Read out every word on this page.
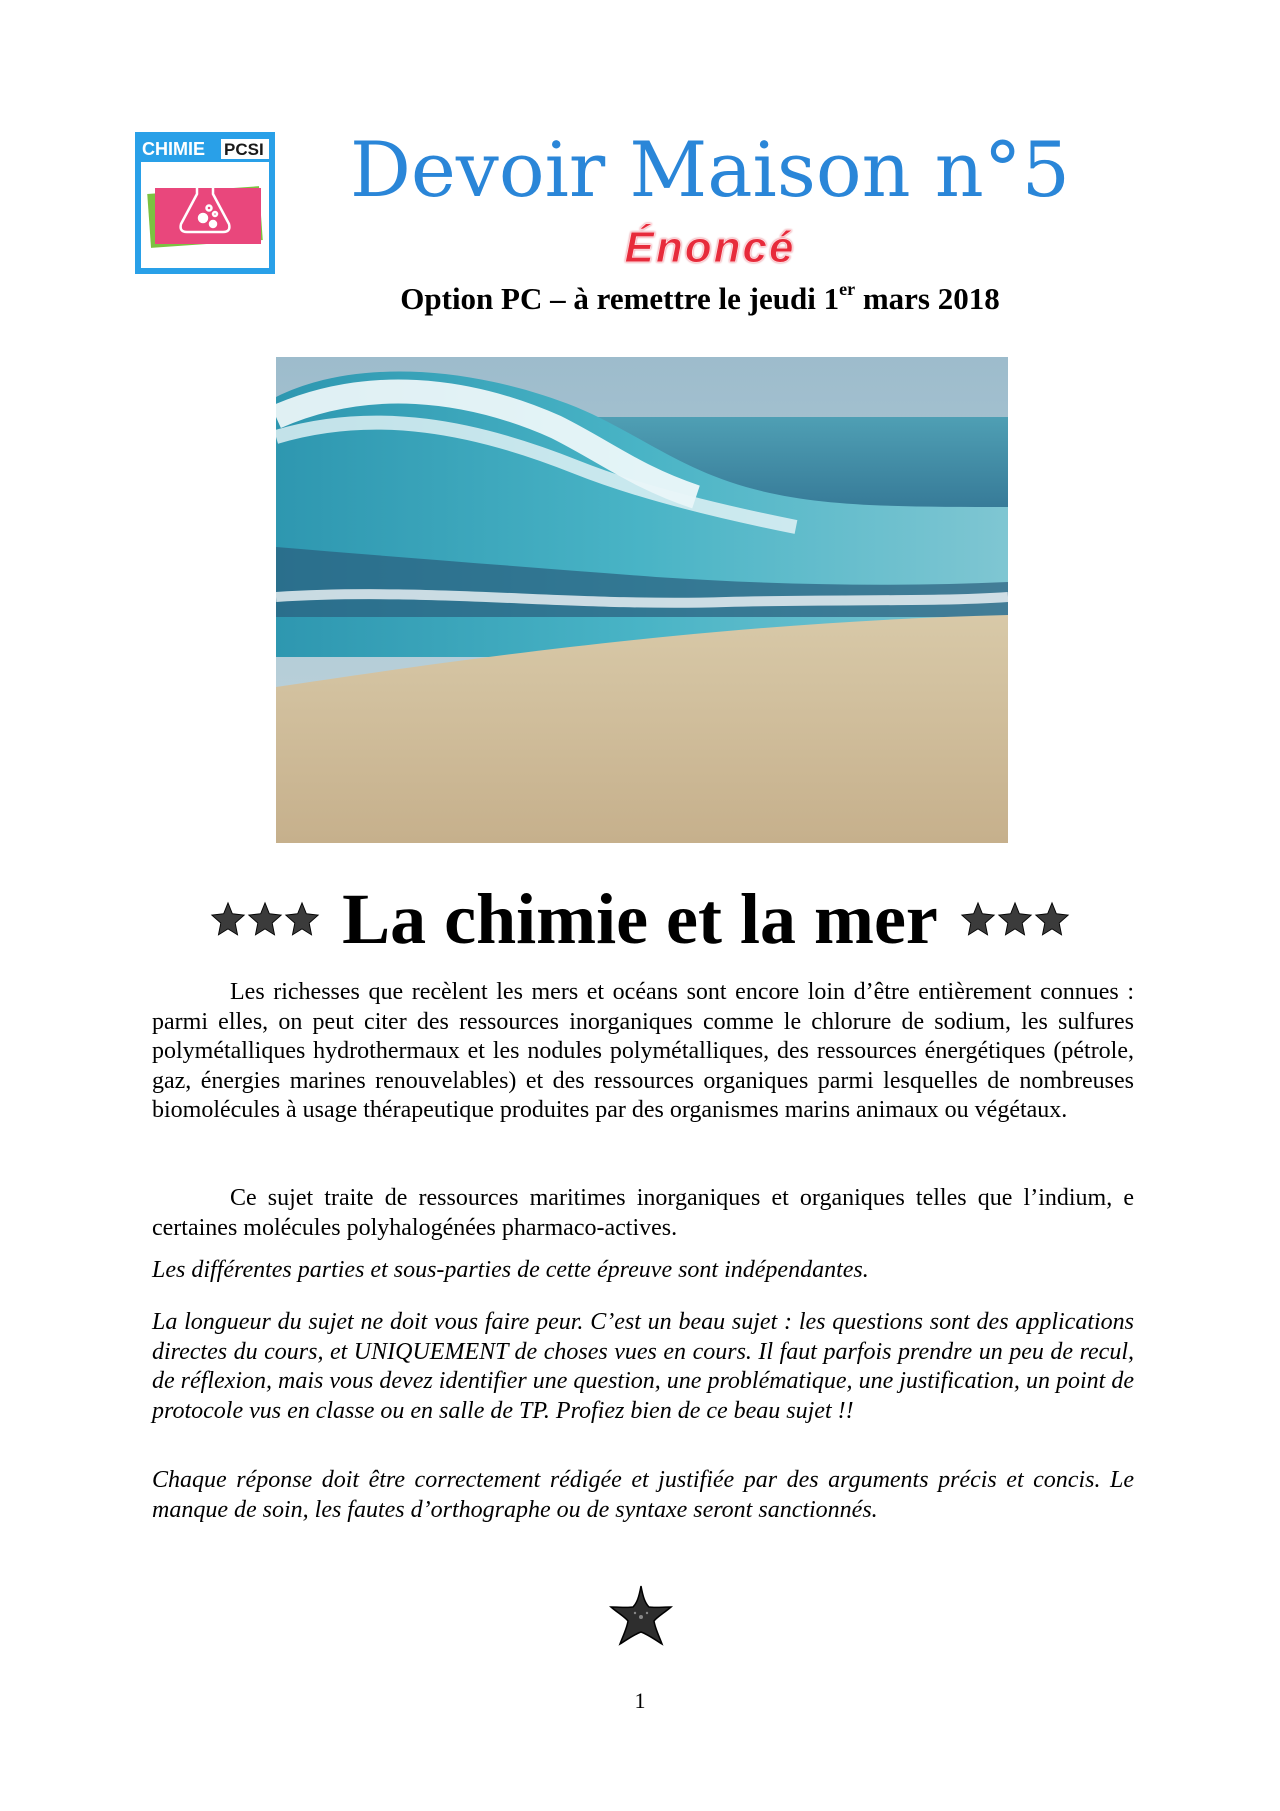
CHIMIE PCSI Devoir Maison n°5
Énoncé
Option PC – à remettre le jeudi 1er mars 2018
La chimie et la mer

Les richesses que recèlent les mers et océans sont encore loin d’être entièrement connues : parmi elles, on peut citer des ressources inorganiques comme le chlorure de sodium, les sulfures polymétalliques hydrothermaux et les nodules polymétalliques, des ressources énergétiques (pétrole, gaz, énergies marines renouvelables) et des ressources organiques parmi lesquelles de nombreuses biomolécules à usage thérapeutique produites par des organismes marins animaux ou végétaux.

Ce sujet traite de ressources maritimes inorganiques et organiques telles que l’indium, e certaines molécules polyhalogénées pharmaco-actives.

Les différentes parties et sous-parties de cette épreuve sont indépendantes.

La longueur du sujet ne doit vous faire peur. C’est un beau sujet : les questions sont des applications directes du cours, et UNIQUEMENT de choses vues en cours. Il faut parfois prendre un peu de recul, de réflexion, mais vous devez identifier une question, une problématique, une justification, un point de protocole vus en classe ou en salle de TP. Profiez bien de ce beau sujet !!

Chaque réponse doit être correctement rédigée et justifiée par des arguments précis et concis. Le manque de soin, les fautes d’orthographe ou de syntaxe seront sanctionnés.

1
